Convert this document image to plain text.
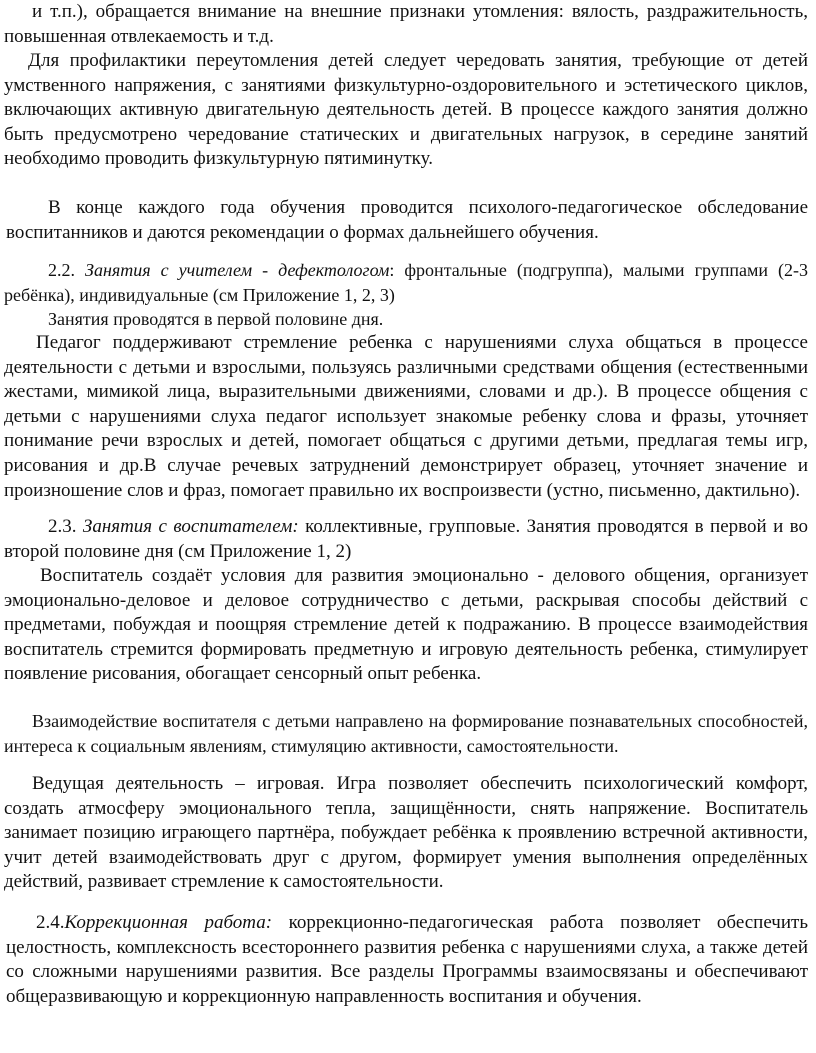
и т.п.), обращается внимание на внешние признаки утомления: вялость, раздражительность, повышенная отвлекаемость и т.д.

Для профилактики переутомления детей следует чередовать занятия, требующие от детей умственного напряжения, с занятиями физкультурно-оздоровительного и эстетического циклов, включающих активную двигательную деятельность детей. В процессе каждого занятия должно быть предусмотрено чередование статических и двигательных нагрузок, в середине занятий необходимо проводить физкультурную пятиминутку.

В конце каждого года обучения проводится психолого-педагогическое обследование воспитанников и даются рекомендации о формах дальнейшего обучения.

2.2. Занятия с учителем - дефектологом: фронтальные (подгруппа), малыми группами (2-3 ребёнка), индивидуальные (см Приложение 1, 2, 3)

Занятия проводятся в первой половине дня.

Педагог поддерживают стремление ребенка с нарушениями слуха общаться в процессе деятельности с детьми и взрослыми, пользуясь различными средствами общения (естественными жестами, мимикой лица, выразительными движениями, словами и др.). В процессе общения с детьми с нарушениями слуха педагог использует знакомые ребенку слова и фразы, уточняет понимание речи взрослых и детей, помогает общаться с другими детьми, предлагая темы игр, рисования и др.В случае речевых затруднений демонстрирует образец, уточняет значение и произношение слов и фраз, помогает правильно их воспроизвести (устно, письменно, дактильно).

2.3. Занятия с воспитателем: коллективные, групповые. Занятия проводятся в первой и во второй половине дня (см Приложение 1, 2)

Воспитатель создаёт условия для развития эмоционально - делового общения, организует эмоционально-деловое и деловое сотрудничество с детьми, раскрывая способы действий с предметами, побуждая и поощряя стремление детей к подражанию. В процессе взаимодействия воспитатель стремится формировать предметную и игровую деятельность ребенка, стимулирует появление рисования, обогащает сенсорный опыт ребенка.

Взаимодействие воспитателя с детьми направлено на формирование познавательных способностей, интереса к социальным явлениям, стимуляцию активности, самостоятельности.

Ведущая деятельность – игровая. Игра позволяет обеспечить психологический комфорт, создать атмосферу эмоционального тепла, защищённости, снять напряжение. Воспитатель занимает позицию играющего партнёра, побуждает ребёнка к проявлению встречной активности, учит детей взаимодействовать друг с другом, формирует умения выполнения определённых действий, развивает стремление к самостоятельности.

2.4.Коррекционная работа: коррекционно-педагогическая работа позволяет обеспечить целостность, комплексность всестороннего развития ребенка с нарушениями слуха, а также детей со сложными нарушениями развития. Все разделы Программы взаимосвязаны и обеспечивают общеразвивающую и коррекционную направленность воспитания и обучения.
